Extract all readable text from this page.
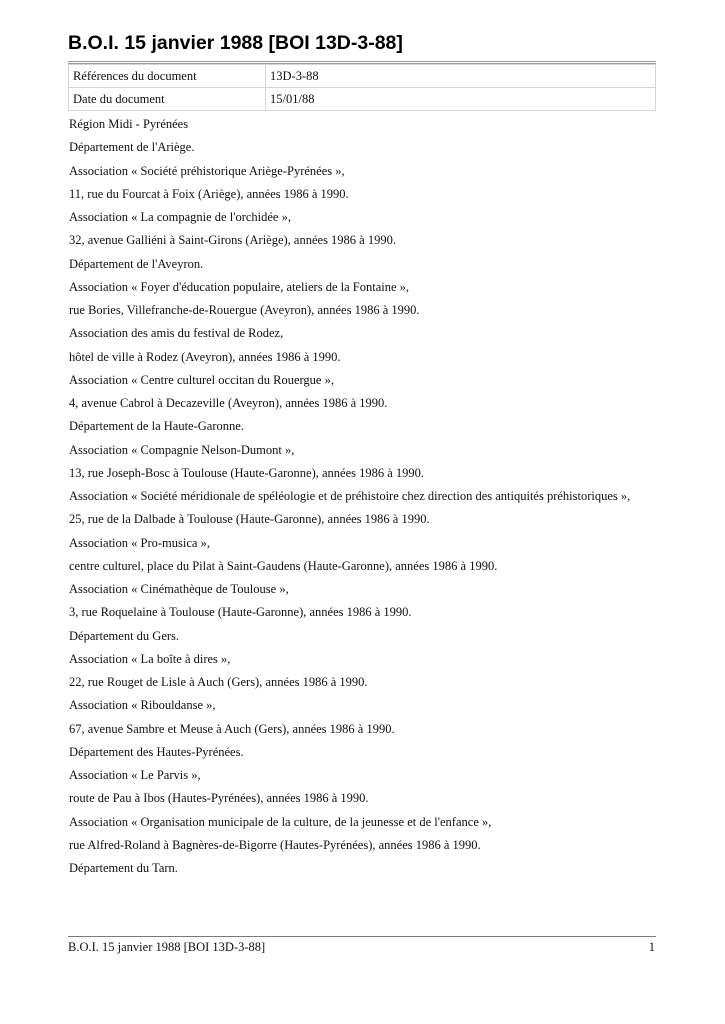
B.O.I. 15 janvier 1988 [BOI 13D-3-88]
Références du document	13D-3-88
Date du document	15/01/88

Région Midi - Pyrénées

Département de l'Ariège.

Association « Société préhistorique Ariège-Pyrénées »,

11, rue du Fourcat à Foix (Ariège), années 1986 à 1990.

Association « La compagnie de l'orchidée »,

32, avenue Galliéni à Saint-Girons (Ariège), années 1986 à 1990.

Département de l'Aveyron.

Association « Foyer d'éducation populaire, ateliers de la Fontaine »,

rue Bories, Villefranche-de-Rouergue (Aveyron), années 1986 à 1990.

Association des amis du festival de Rodez,

hôtel de ville à Rodez (Aveyron), années 1986 à 1990.

Association « Centre culturel occitan du Rouergue »,

4, avenue Cabrol à Decazeville (Aveyron), années 1986 à 1990.

Département de la Haute-Garonne.

Association « Compagnie Nelson-Dumont »,

13, rue Joseph-Bosc à Toulouse (Haute-Garonne), années 1986 à 1990.

Association « Société méridionale de spéléologie et de préhistoire chez direction des antiquités préhistoriques »,

25, rue de la Dalbade à Toulouse (Haute-Garonne), années 1986 à 1990.

Association « Pro-musica »,

centre culturel, place du Pilat à Saint-Gaudens (Haute-Garonne), années 1986 à 1990.

Association « Cinémathèque de Toulouse »,

3, rue Roquelaine à Toulouse (Haute-Garonne), années 1986 à 1990.

Département du Gers.

Association « La boîte à dires »,

22, rue Rouget de Lisle à Auch (Gers), années 1986 à 1990.

Association « Ribouldanse »,

67, avenue Sambre et Meuse à Auch (Gers), années 1986 à 1990.

Département des Hautes-Pyrénées.

Association « Le Parvis »,

route de Pau à Ibos (Hautes-Pyrénées), années 1986 à 1990.

Association « Organisation municipale de la culture, de la jeunesse et de l'enfance »,

rue Alfred-Roland à Bagnères-de-Bigorre (Hautes-Pyrénées), années 1986 à 1990.

Département du Tarn.

B.O.I. 15 janvier 1988 [BOI 13D-3-88]	1
